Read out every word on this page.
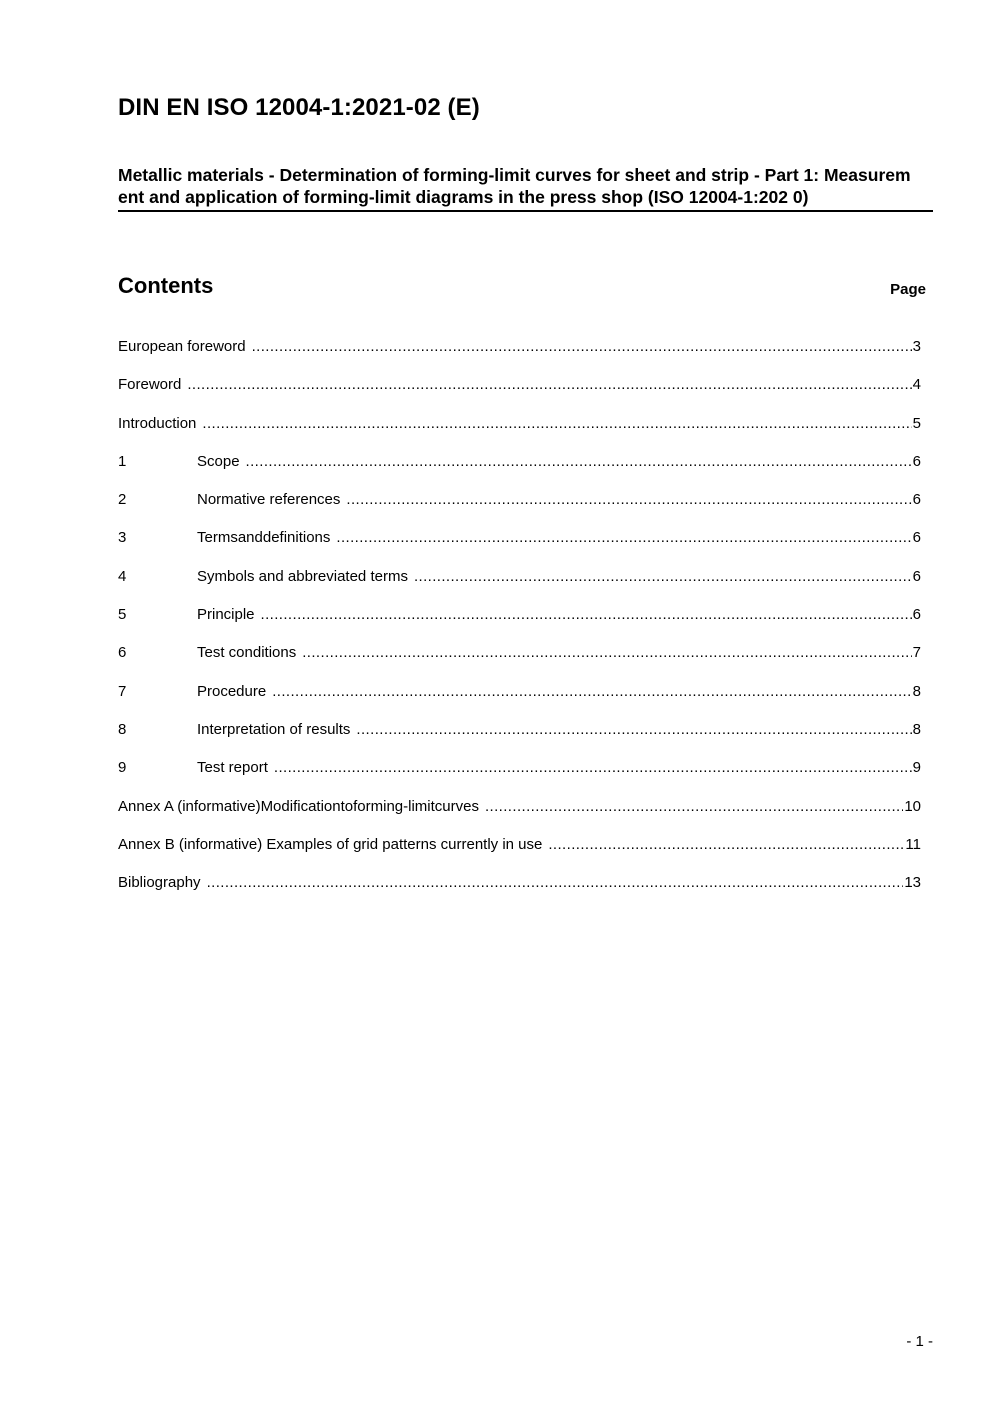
DIN EN ISO 12004-1:2021-02 (E)
Metallic materials - Determination of forming-limit curves for sheet and strip - Part 1: Measurem ent and application of forming-limit diagrams in the press shop (ISO 12004-1:202 0)
Contents	Page
European foreword .....	3
Foreword .....	4
Introduction .....	5
1	Scope .....	6
2	Normative references .....	6
3	Termsanddefinitions .....	6
4	Symbols and abbreviated terms .....	6
5	Principle .....	6
6	Test conditions .....	7
7	Procedure .....	8
8	Interpretation of results .....	8
9	Test report .....	9
Annex A (informative)Modificationtoforming-limitcurves .....	10
Annex B (informative) Examples of grid patterns currently in use .....	11
Bibliography .....	13
- 1 -
